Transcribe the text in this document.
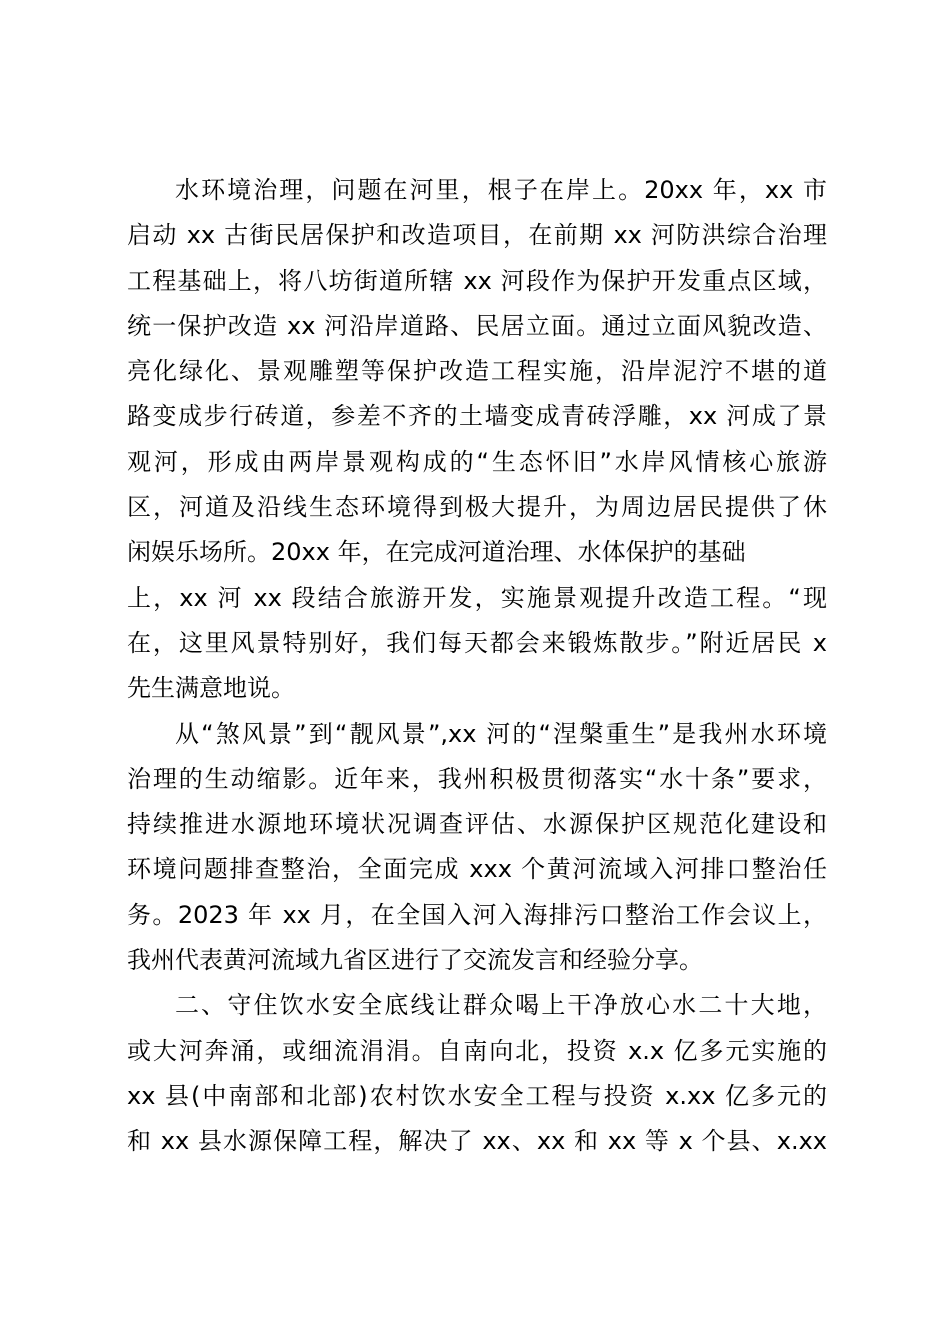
水环境治理，问题在河里，根子在岸上。20xx 年，xx 市
启动 xx 古街民居保护和改造项目，在前期 xx 河防洪综合治理
工程基础上，将八坊街道所辖 xx 河段作为保护开发重点区域，
统一保护改造 xx 河沿岸道路、民居立面。通过立面风貌改造、
亮化绿化、景观雕塑等保护改造工程实施，沿岸泥泞不堪的道
路变成步行砖道，参差不齐的土墙变成青砖浮雕，xx 河成了景
观河，形成由两岸景观构成的“生态怀旧”水岸风情核心旅游
区，河道及沿线生态环境得到极大提升，为周边居民提供了休
闲娱乐场所。20xx 年，在完成河道治理、水体保护的基础
上，xx 河 xx 段结合旅游开发，实施景观提升改造工程。“现
在，这里风景特别好，我们每天都会来锻炼散步。”附近居民 x
先生满意地说。
从“煞风景”到“靓风景”,xx 河的“涅槃重生”是我州水环境
治理的生动缩影。近年来，我州积极贯彻落实“水十条”要求，
持续推进水源地环境状况调查评估、水源保护区规范化建设和
环境问题排查整治，全面完成 xxx 个黄河流域入河排口整治任
务。2023 年 xx 月，在全国入河入海排污口整治工作会议上，
我州代表黄河流域九省区进行了交流发言和经验分享。
二、守住饮水安全底线让群众喝上干净放心水二十大地，
或大河奔涌，或细流涓涓。自南向北，投资 x.x 亿多元实施的
xx 县(中南部和北部)农村饮水安全工程与投资 x.xx 亿多元的
和 xx 县水源保障工程，解决了 xx、xx 和 xx 等 x 个县、x.xx
